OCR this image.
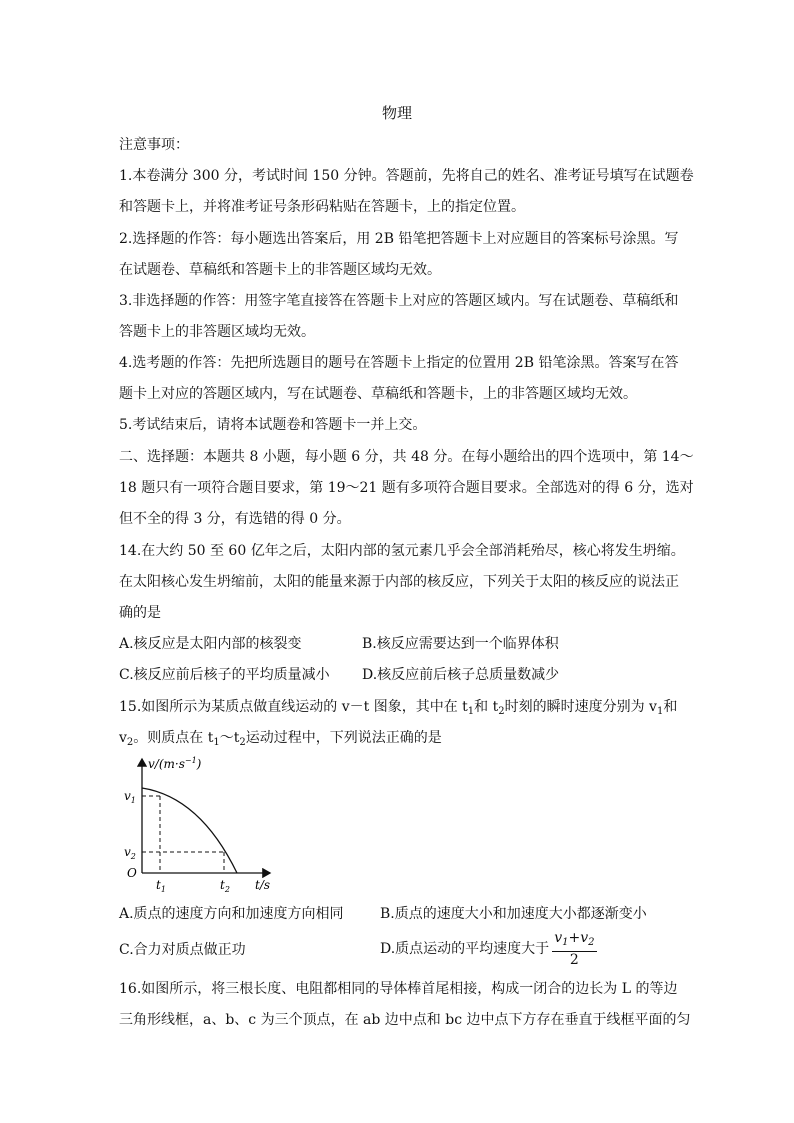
物理
注意事项：
1.本卷满分 300 分，考试时间 150 分钟。答题前，先将自己的姓名、准考证号填写在试题卷
和答题卡上，并将准考证号条形码粘贴在答题卡，上的指定位置。
2.选择题的作答：每小题选出答案后，用 2B 铅笔把答题卡上对应题目的答案标号涂黑。写
在试题卷、草稿纸和答题卡上的非答题区域均无效。
3.非选择题的作答：用签字笔直接答在答题卡上对应的答题区域内。写在试题卷、草稿纸和
答题卡上的非答题区域均无效。
4.选考题的作答：先把所选题目的题号在答题卡上指定的位置用 2B 铅笔涂黑。答案写在答
题卡上对应的答题区域内，写在试题卷、草稿纸和答题卡，上的非答题区域均无效。
5.考试结束后，请将本试题卷和答题卡一并上交。
二、选择题：本题共 8 小题，每小题 6 分，共 48 分。在每小题给出的四个选项中，第 14～
18 题只有一项符合题目要求，第 19～21 题有多项符合题目要求。全部选对的得 6 分，选对
但不全的得 3 分，有选错的得 0 分。
14.在大约 50 至 60 亿年之后，太阳内部的氢元素几乎会全部消耗殆尽，核心将发生坍缩。
在太阳核心发生坍缩前，太阳的能量来源于内部的核反应，下列关于太阳的核反应的说法正
确的是
A.核反应是太阳内部的核裂变	B.核反应需要达到一个临界体积
C.核反应前后核子的平均质量减小 D.核反应前后核子总质量数减少
15.如图所示为某质点做直线运动的 v－t 图象，其中在 $t_1$和 $t_2$时刻的瞬时速度分别为 $v_1$和
$v_2$。则质点在 $t_1\sim t_2$运动过程中，下列说法正确的是
$v/(m\cdot s^{-1})$
$v_1$
$v_2$
O
$t_1$	$t_2$ t/s
A.质点的速度方向和加速度方向相同	B.质点的速度大小和加速度大小都逐渐变小
C.合力对质点做正功	D.质点运动的平均速度大于 $\frac{v_1+v_2}{2}$
16.如图所示，将三根长度、电阻都相同的导体棒首尾相接，构成一闭合的边长为 L 的等边
三角形线框，a、b、c 为三个顶点，在 ab 边中点和 bc 边中点下方存在垂直于线框平面的匀
